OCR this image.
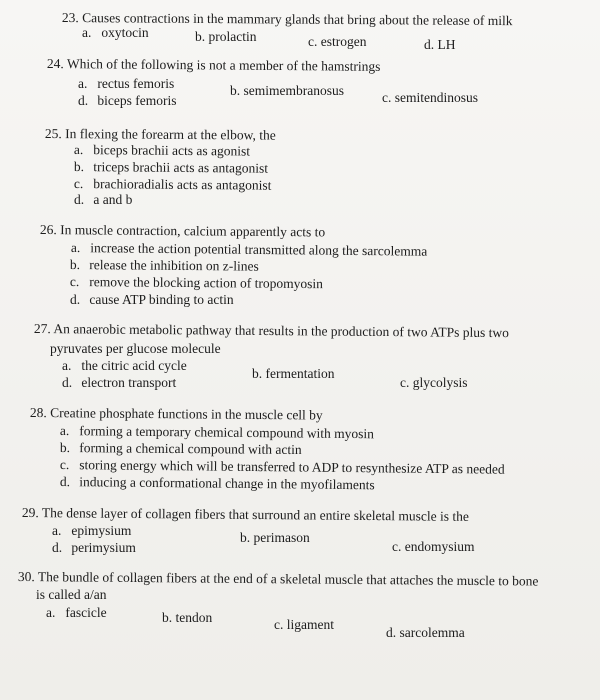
23. Causes contractions in the mammary glands that bring about the release of milk
a. oxytocin	b. prolactin	c. estrogen	d. LH
24. Which of the following is not a member of the hamstrings
a. rectus femoris	b. semimembranosus	c. semitendinosus
d. biceps femoris
25. In flexing the forearm at the elbow, the
a. biceps brachii acts as agonist
b. triceps brachii acts as antagonist
c. brachioradialis acts as antagonist
d. a and b
26. In muscle contraction, calcium apparently acts to
a. increase the action potential transmitted along the sarcolemma
b. release the inhibition on z-lines
c. remove the blocking action of tropomyosin
d. cause ATP binding to actin
27. An anaerobic metabolic pathway that results in the production of two ATPs plus two
pyruvates per glucose molecule
a. the citric acid cycle
b. fermentation
c. glycolysis
d. electron transport
28. Creatine phosphate functions in the muscle cell by
a. forming a temporary chemical compound with myosin
b. forming a chemical compound with actin
c. storing energy which will be transferred to ADP to resynthesize ATP as needed
d. inducing a conformational change in the myofilaments
29. The dense layer of collagen fibers that surround an entire skeletal muscle is the
a. epimysium	b. perimason
c. endomysium
d. perimysium
30. The bundle of collagen fibers at the end of a skeletal muscle that attaches the muscle to bone
is called a/an
a. fascicle	b. tendon	c. ligament
d. sarcolemma
